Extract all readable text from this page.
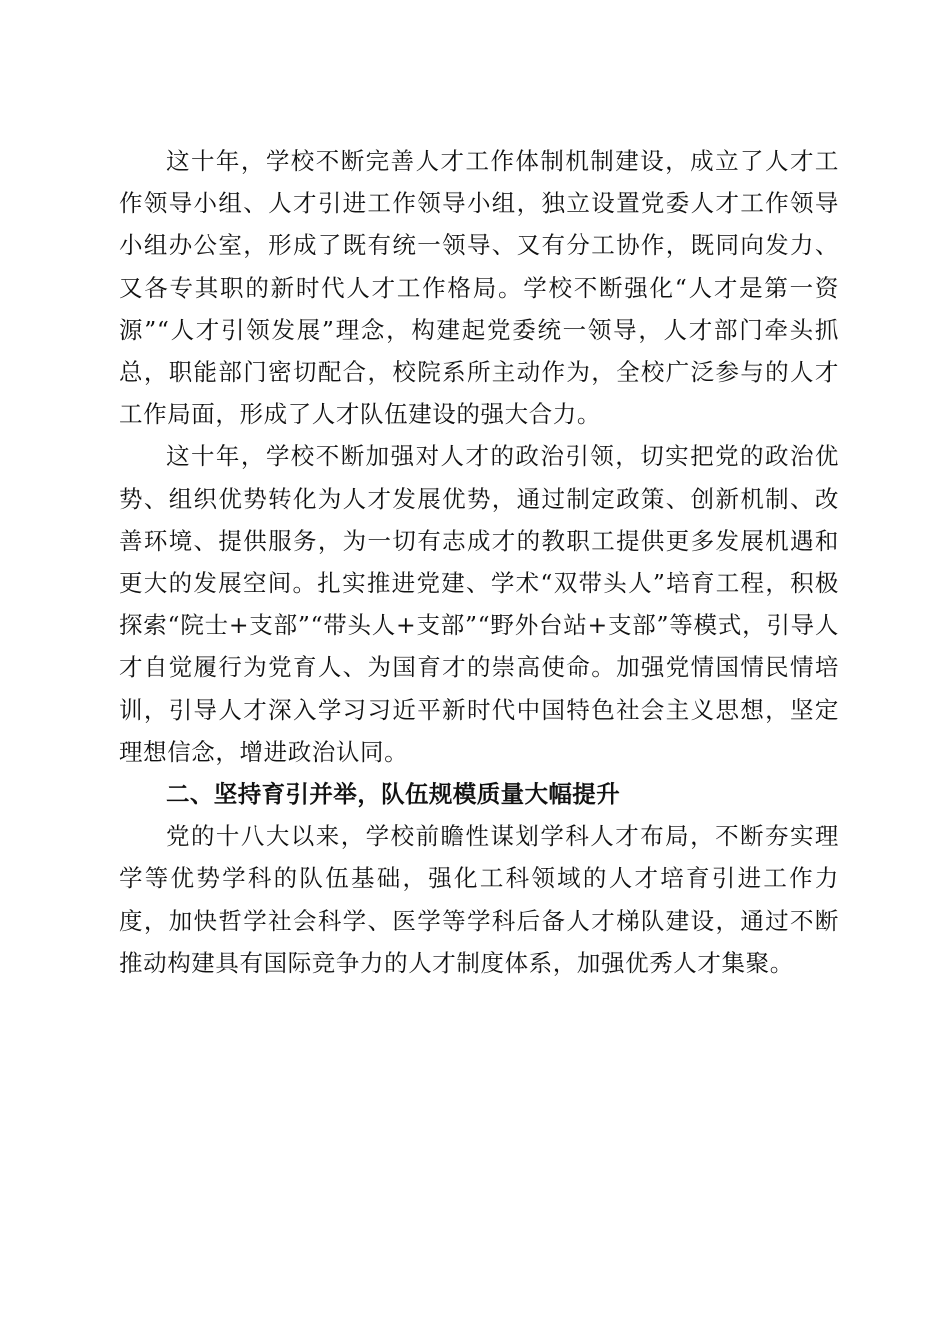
这十年，学校不断完善人才工作体制机制建设，成立了人才工作领导小组、人才引进工作领导小组，独立设置党委人才工作领导小组办公室，形成了既有统一领导、又有分工协作，既同向发力、又各专其职的新时代人才工作格局。学校不断强化“人才是第一资源”“人才引领发展”理念，构建起党委统一领导，人才部门牵头抓总，职能部门密切配合，校院系所主动作为，全校广泛参与的人才工作局面，形成了人才队伍建设的强大合力。

这十年，学校不断加强对人才的政治引领，切实把党的政治优势、组织优势转化为人才发展优势，通过制定政策、创新机制、改善环境、提供服务，为一切有志成才的教职工提供更多发展机遇和更大的发展空间。扎实推进党建、学术“双带头人”培育工程，积极探索“院士+支部”“带头人+支部”“野外台站+支部”等模式，引导人才自觉履行为党育人、为国育才的崇高使命。加强党情国情民情培训，引导人才深入学习习近平新时代中国特色社会主义思想，坚定理想信念，增进政治认同。

二、坚持育引并举，队伍规模质量大幅提升

党的十八大以来，学校前瞻性谋划学科人才布局，不断夯实理学等优势学科的队伍基础，强化工科领域的人才培育引进工作力度，加快哲学社会科学、医学等学科后备人才梯队建设，通过不断推动构建具有国际竞争力的人才制度体系，加强优秀人才集聚。
